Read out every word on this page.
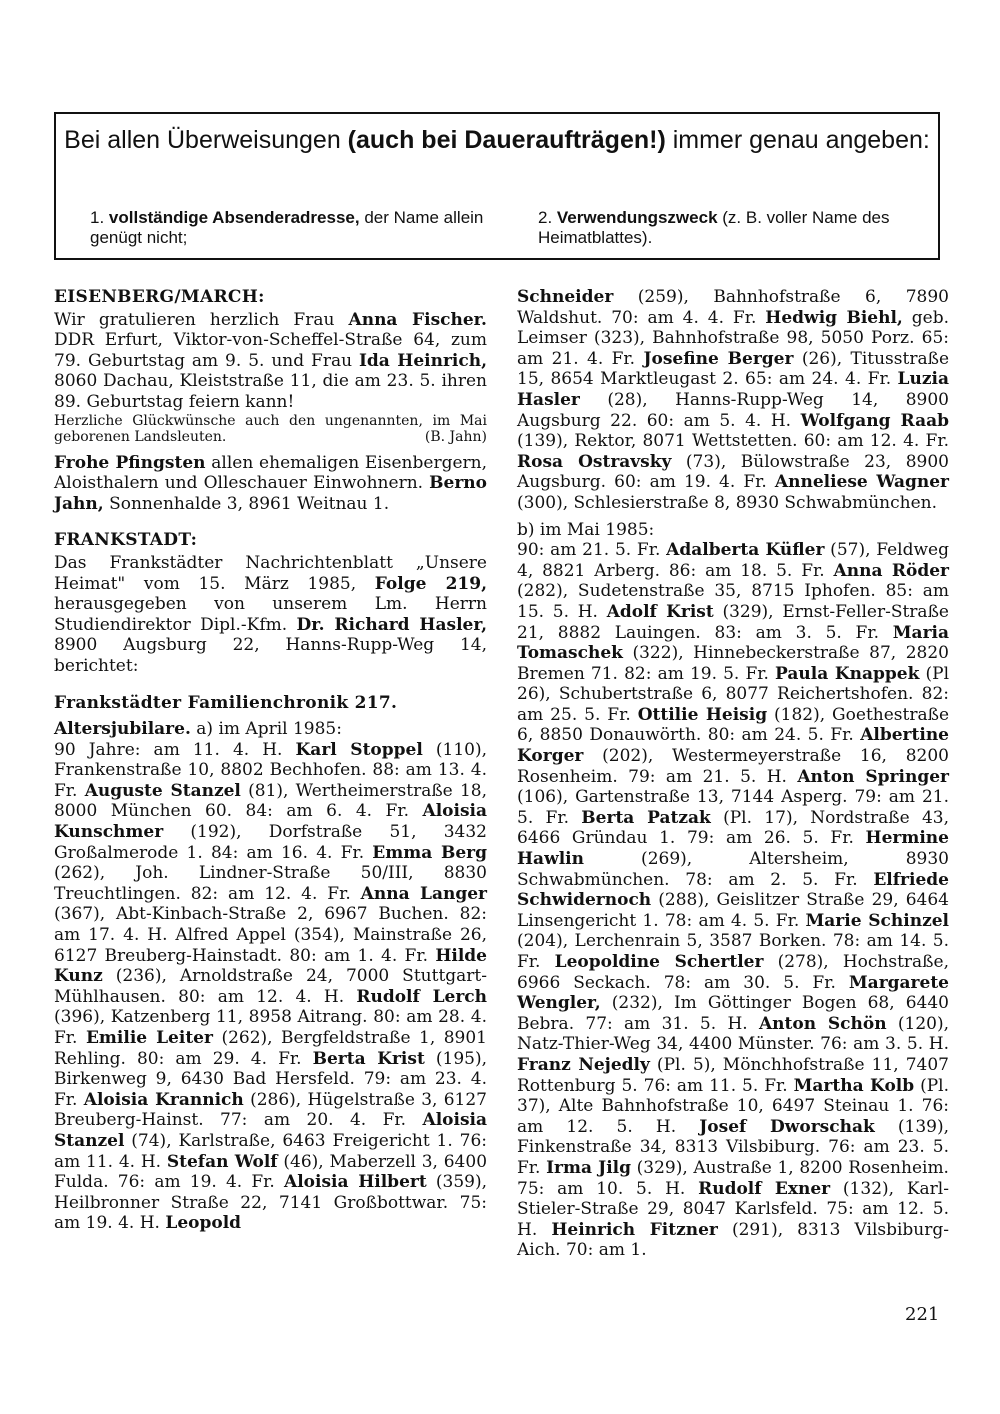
Bei allen Überweisungen (auch bei Daueraufträgen!) immer genau angeben:
1. vollständige Absenderadresse, der Name allein genügt nicht;
2. Verwendungszweck (z. B. voller Name des Heimatblattes).

EISENBERG/MARCH:

Wir gratulieren herzlich Frau Anna Fischer. DDR Erfurt, Viktor-von-Scheffel-Straße 64, zum 79. Geburtstag am 9. 5. und Frau Ida Heinrich, 8060 Dachau, Kleiststraße 11, die am 23. 5. ihren 89. Geburtstag feiern kann!

Herzliche Glückwünsche auch den ungenannten, im Mai geborenen Landsleuten.	(B. Jahn)

Frohe Pfingsten allen ehemaligen Eisenbergern, Aloisthalern und Olleschauer Einwohnern. Berno Jahn, Sonnenhalde 3, 8961 Weitnau 1.

FRANKSTADT:

Das Frankstädter Nachrichtenblatt „Unsere Heimat" vom 15. März 1985, Folge 219, herausgegeben von unserem Lm. Herrn Studiendirektor Dipl.-Kfm. Dr. Richard Hasler, 8900 Augsburg 22, Hanns-Rupp-Weg 14, berichtet:

Frankstädter Familienchronik 217.

Altersjubilare. a) im April 1985:

90 Jahre: am 11. 4. H. Karl Stoppel (110), Frankenstraße 10, 8802 Bechhofen. 88: am 13. 4. Fr. Auguste Stanzel (81), Wertheimerstraße 18, 8000 München 60. 84: am 6. 4. Fr. Aloisia Kunschmer (192), Dorfstraße 51, 3432 Großalmerode 1. 84: am 16. 4. Fr. Emma Berg (262), Joh. Lindner-Straße 50/III, 8830 Treuchtlingen. 82: am 12. 4. Fr. Anna Langer (367), Abt-Kinbach-Straße 2, 6967 Buchen. 82: am 17. 4. H. Alfred Appel (354), Mainstraße 26, 6127 Breuberg-Hainstadt. 80: am 1. 4. Fr. Hilde Kunz (236), Arnoldstraße 24, 7000 Stuttgart-Mühlhausen. 80: am 12. 4. H. Rudolf Lerch (396), Katzenberg 11, 8958 Aitrang. 80: am 28. 4. Fr. Emilie Leiter (262), Bergfeldstraße 1, 8901 Rehling. 80: am 29. 4. Fr. Berta Krist (195), Birkenweg 9, 6430 Bad Hersfeld. 79: am 23. 4. Fr. Aloisia Krannich (286), Hügelstraße 3, 6127 Breuberg-Hainst. 77: am 20. 4. Fr. Aloisia Stanzel (74), Karlstraße, 6463 Freigericht 1. 76: am 11. 4. H. Stefan Wolf (46), Maberzell 3, 6400 Fulda. 76: am 19. 4. Fr. Aloisia Hilbert (359), Heilbronner Straße 22, 7141 Großbottwar. 75: am 19. 4. H. Leopold

Schneider (259), Bahnhofstraße 6, 7890 Waldshut. 70: am 4. 4. Fr. Hedwig Biehl, geb. Leimser (323), Bahnhofstraße 98, 5050 Porz. 65: am 21. 4. Fr. Josefine Berger (26), Titusstraße 15, 8654 Marktleugast 2. 65: am 24. 4. Fr. Luzia Hasler (28), Hanns-Rupp-Weg 14, 8900 Augsburg 22. 60: am 5. 4. H. Wolfgang Raab (139), Rektor, 8071 Wettstetten. 60: am 12. 4. Fr. Rosa Ostravsky (73), Bülowstraße 23, 8900 Augsburg. 60: am 19. 4. Fr. Anneliese Wagner (300), Schlesierstraße 8, 8930 Schwabmünchen.

b) im Mai 1985:

90: am 21. 5. Fr. Adalberta Küfler (57), Feldweg 4, 8821 Arberg. 86: am 18. 5. Fr. Anna Röder (282), Sudetenstraße 35, 8715 Iphofen. 85: am 15. 5. H. Adolf Krist (329), Ernst-Feller-Straße 21, 8882 Lauingen. 83: am 3. 5. Fr. Maria Tomaschek (322), Hinnebeckerstraße 87, 2820 Bremen 71. 82: am 19. 5. Fr. Paula Knappek (Pl 26), Schubertstraße 6, 8077 Reichertshofen. 82: am 25. 5. Fr. Ottilie Heisig (182), Goethestraße 6, 8850 Donauwörth. 80: am 24. 5. Fr. Albertine Korger (202), Westermeyerstraße 16, 8200 Rosenheim. 79: am 21. 5. H. Anton Springer (106), Gartenstraße 13, 7144 Asperg. 79: am 21. 5. Fr. Berta Patzak (Pl. 17), Nordstraße 43, 6466 Gründau 1. 79: am 26. 5. Fr. Hermine Hawlin (269), Altersheim, 8930 Schwabmünchen. 78: am 2. 5. Fr. Elfriede Schwidernoch (288), Geislitzer Straße 29, 6464 Linsengericht 1. 78: am 4. 5. Fr. Marie Schinzel (204), Lerchenrain 5, 3587 Borken. 78: am 14. 5. Fr. Leopoldine Schertler (278), Hochstraße, 6966 Seckach. 78: am 30. 5. Fr. Margarete Wengler, (232), Im Göttinger Bogen 68, 6440 Bebra. 77: am 31. 5. H. Anton Schön (120), Natz-Thier-Weg 34, 4400 Münster. 76: am 3. 5. H. Franz Nejedly (Pl. 5), Mönchhofstraße 11, 7407 Rottenburg 5. 76: am 11. 5. Fr. Martha Kolb (Pl. 37), Alte Bahnhofstraße 10, 6497 Steinau 1. 76: am 12. 5. H. Josef Dworschak (139), Finkenstraße 34, 8313 Vilsbiburg. 76: am 23. 5. Fr. Irma Jilg (329), Austraße 1, 8200 Rosenheim. 75: am 10. 5. H. Rudolf Exner (132), Karl-Stieler-Straße 29, 8047 Karlsfeld. 75: am 12. 5. H. Heinrich Fitzner (291), 8313 Vilsbiburg-Aich. 70: am 1.

221
